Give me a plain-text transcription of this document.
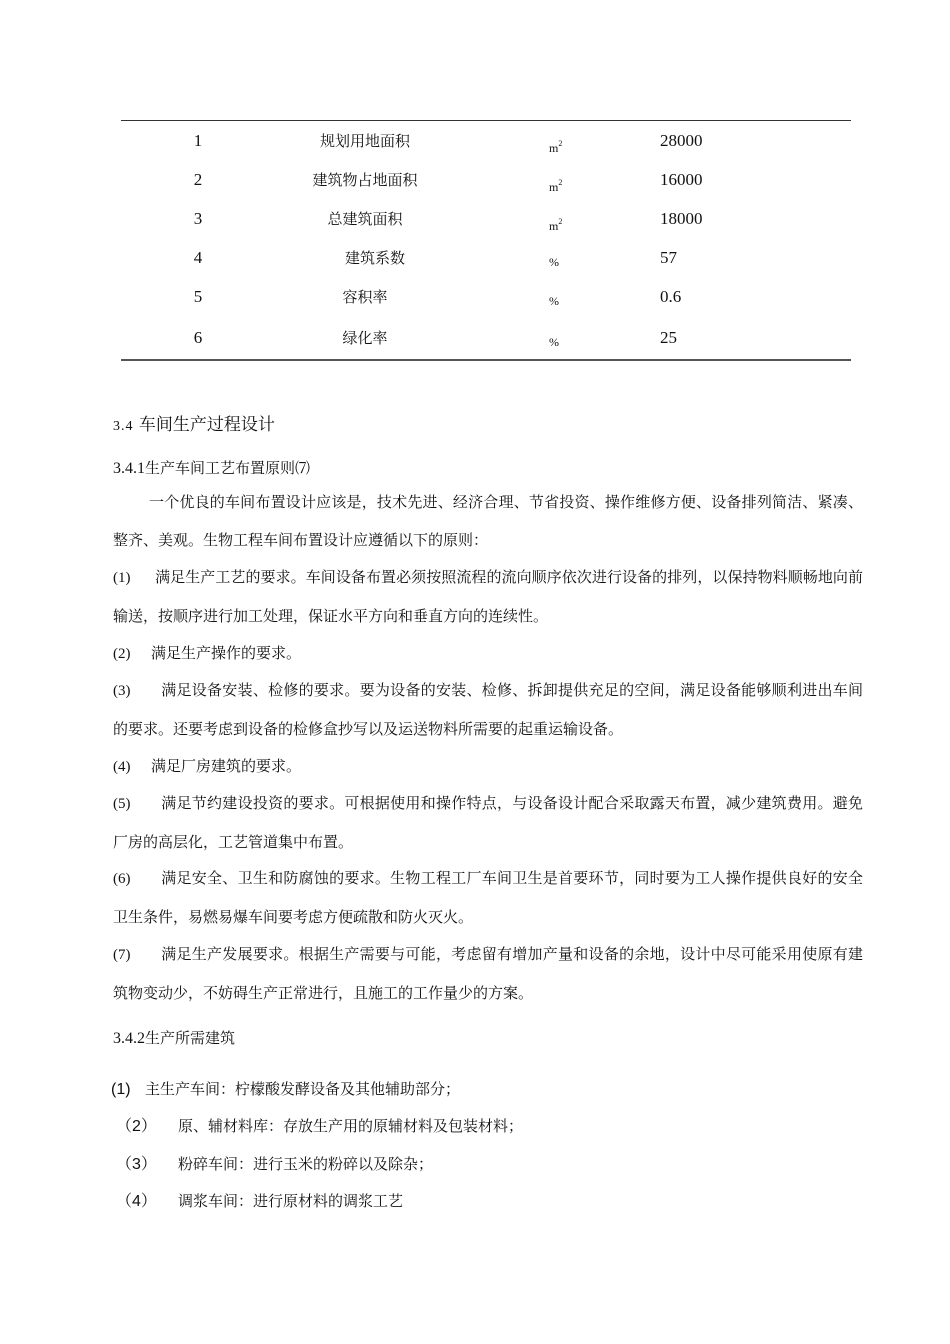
1	规划用地面积	$m^2$	28000
2	建筑物占地面积	$m^2$	16000
3	总建筑面积	$m^2$	18000
4	建筑系数	%	57
5	容积率	%	0.6
6	绿化率	%	25
3.4 车间生产过程设计
3.4.1生产车间工艺布置原则⑺
一个优良的车间布置设计应该是，技术先进、经济合理、节省投资、操作维修方便、设备排列简洁、紧凑、整齐、美观。生物工程车间布置设计应遵循以下的原则：
(1) 满足生产工艺的要求。车间设备布置必须按照流程的流向顺序依次进行设备的排列，以保持物料顺畅地向前输送，按顺序进行加工处理，保证水平方向和垂直方向的连续性。
(2) 满足生产操作的要求。
(3) 满足设备安装、检修的要求。要为设备的安装、检修、拆卸提供充足的空间，满足设备能够顺利进出车间的要求。还要考虑到设备的检修盒抄写以及运送物料所需要的起重运输设备。
(4) 满足厂房建筑的要求。
(5) 满足节约建设投资的要求。可根据使用和操作特点，与设备设计配合采取露天布置，减少建筑费用。避免厂房的高层化，工艺管道集中布置。
(6) 满足安全、卫生和防腐蚀的要求。生物工程工厂车间卫生是首要环节，同时要为工人操作提供良好的安全卫生条件，易燃易爆车间要考虑方便疏散和防火灭火。
(7) 满足生产发展要求。根据生产需要与可能，考虑留有增加产量和设备的余地，设计中尽可能采用使原有建筑物变动少，不妨碍生产正常进行，且施工的工作量少的方案。
3.4.2生产所需建筑
(1) 主生产车间：柠檬酸发酵设备及其他辅助部分；
（2） 原、辅材料库：存放生产用的原辅材料及包装材料；
（3） 粉碎车间：进行玉米的粉碎以及除杂；
（4） 调浆车间：进行原材料的调浆工艺
